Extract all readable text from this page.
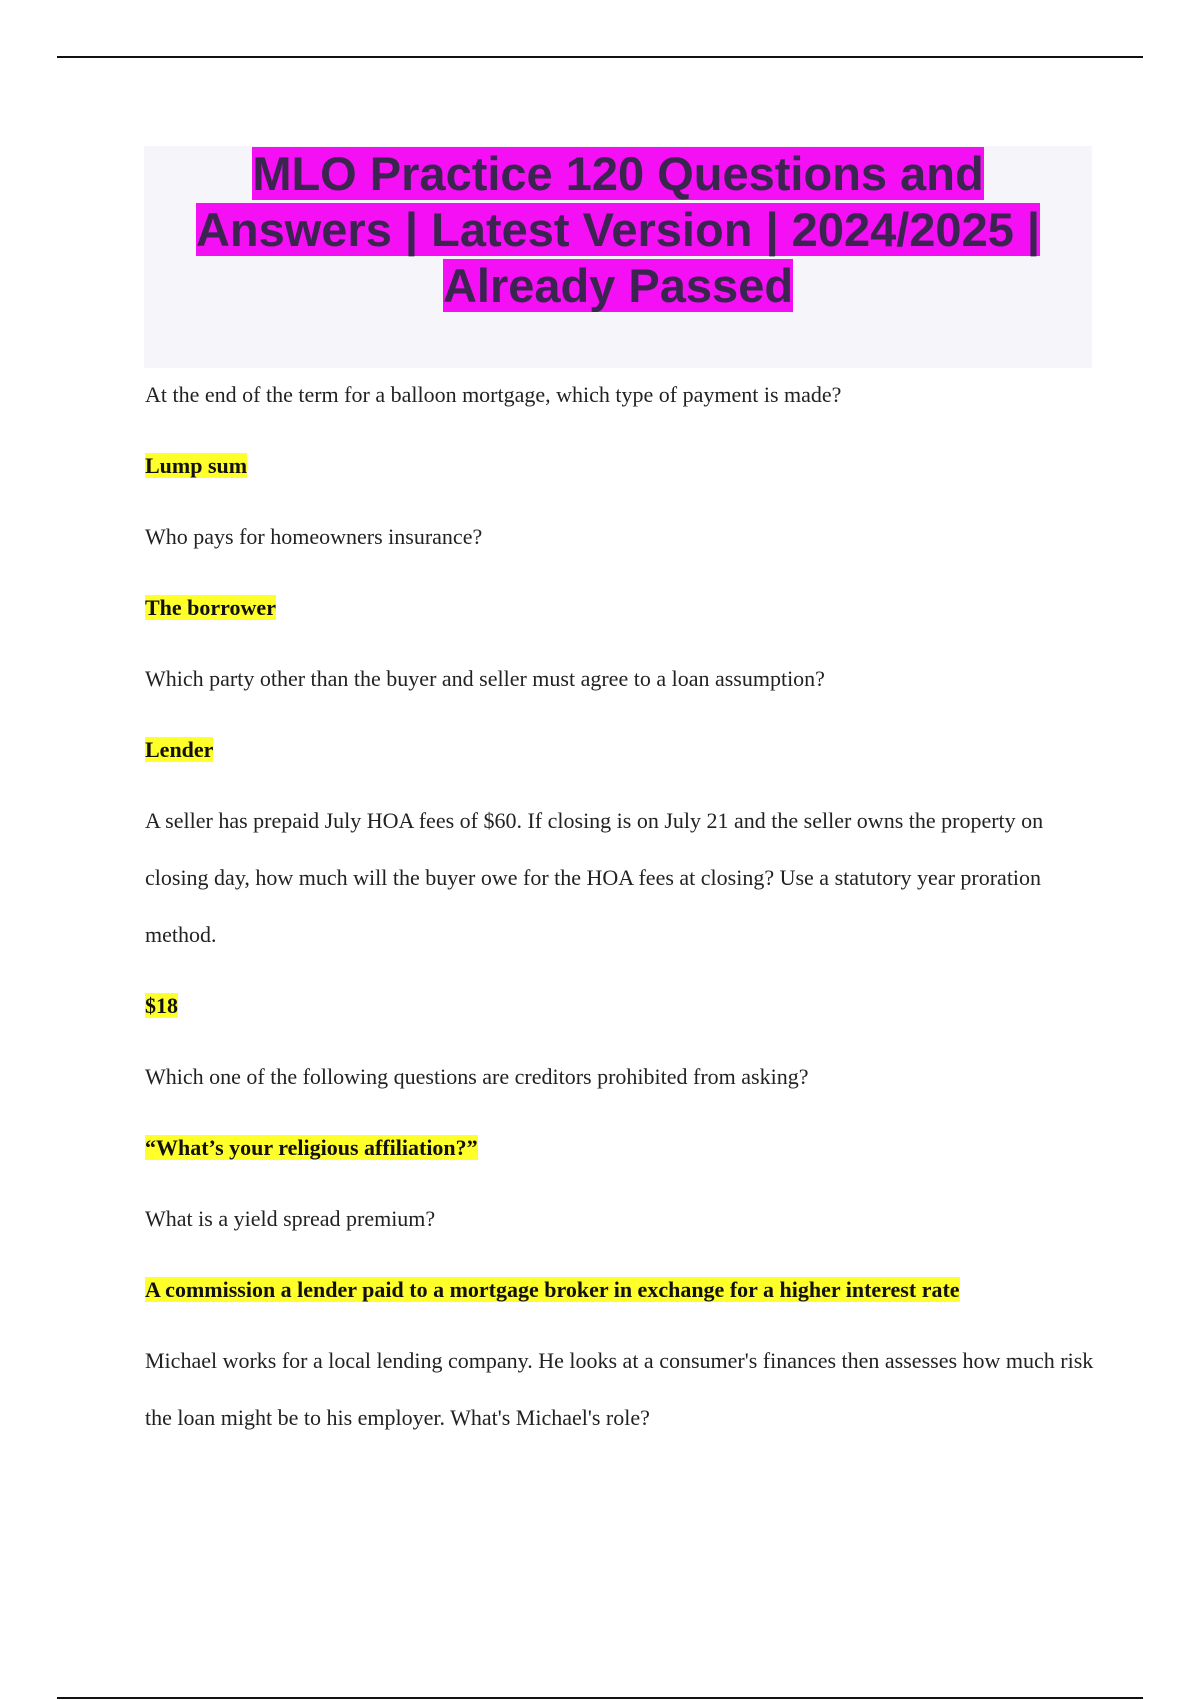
MLO Practice 120 Questions and
Answers | Latest Version | 2024/2025 |
Already Passed

At the end of the term for a balloon mortgage, which type of payment is made?

Lump sum

Who pays for homeowners insurance?

The borrower

Which party other than the buyer and seller must agree to a loan assumption?

Lender

A seller has prepaid July HOA fees of $60. If closing is on July 21 and the seller owns the property on closing day, how much will the buyer owe for the HOA fees at closing? Use a statutory year proration method.

$18

Which one of the following questions are creditors prohibited from asking?

“What’s your religious affiliation?”

What is a yield spread premium?

A commission a lender paid to a mortgage broker in exchange for a higher interest rate

Michael works for a local lending company. He looks at a consumer's finances then assesses how much risk the loan might be to his employer. What's Michael's role?
